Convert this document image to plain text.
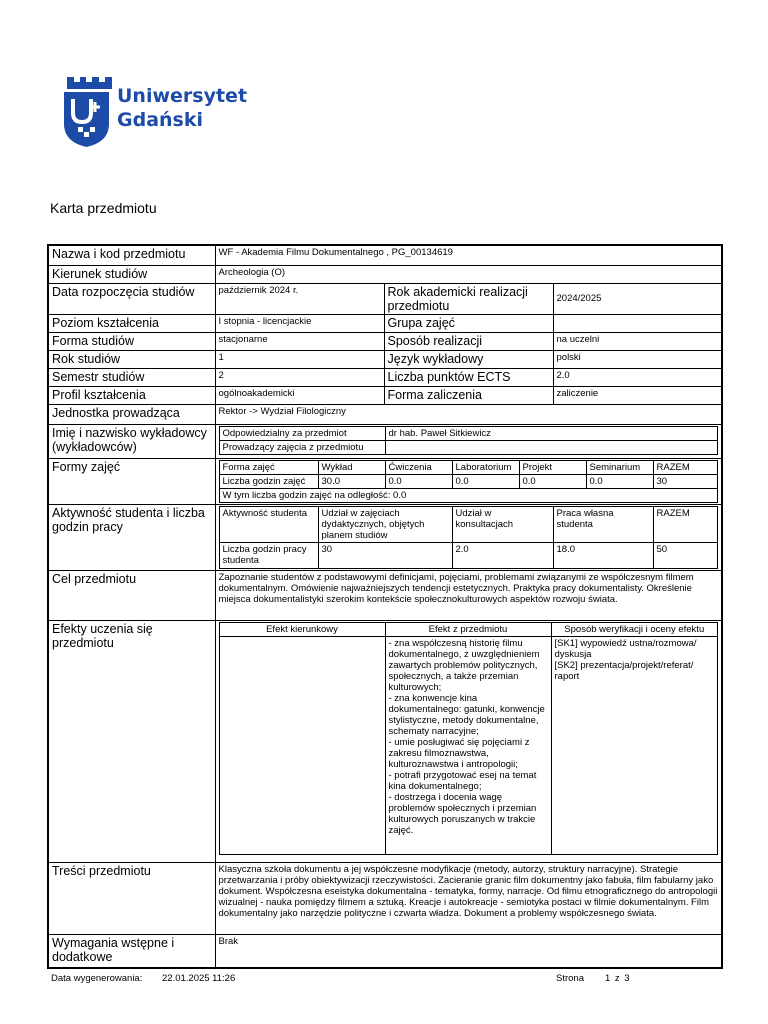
Uniwersytet
Gdański
Karta przedmiotu
Nazwa i kod przedmiotu	WF - Akademia Filmu Dokumentalnego , PG_00134619
Kierunek studiów	Archeologia (O)
Data rozpoczęcia studiów	październik 2024 r.	Rok akademicki realizacji przedmiotu	2024/2025
Poziom kształcenia	I stopnia - licencjackie	Grupa zajęć	
Forma studiów	stacjonarne	Sposób realizacji	na uczelni
Rok studiów	1	Język wykładowy	polski
Semestr studiów	2	Liczba punktów ECTS	2.0
Profil kształcenia	ogólnoakademicki	Forma zaliczenia	zaliczenie
Jednostka prowadząca	Rektor -> Wydział Filologiczny
Imię i nazwisko wykładowcy (wykładowców)	
Odpowiedzialny za przedmiot	dr hab. Paweł Sitkiewicz
Prowadzący zajęcia z przedmiotu	

Formy zajęć		Forma zajęć	Wykład	Ćwiczenia	Laboratorium	Projekt	Seminarium	RAZEM
Liczba godzin zajęć	30.0	0.0	0.0	0.0	0.0	30
W tym liczba godzin zajęć na odległość: 0.0

Aktywność studenta i liczba godzin pracy	
Aktywność studenta	Udział w zajęciach dydaktycznych, objętych planem studiów	Udział w konsultacjach	Praca własna studenta	RAZEM
Liczba godzin pracy studenta	30	2.0	18.0	50

Cel przedmiotu	Zapoznanie studentów z podstawowymi definicjami, pojęciami, problemami związanymi ze współczesnym filmem dokumentalnym. Omówienie najważniejszych tendencji estetycznych. Praktyka pracy dokumentalisty. Określenie miejsca dokumentalistyki szerokim kontekście społecznokulturowych aspektów rozwoju świata.
Efekty uczenia się przedmiotu	
Efekt kierunkowy	Efekt z przedmiotu	Sposób weryfikacji i oceny efektu
	- zna współczesną historię filmu dokumentalnego, z uwzględnieniem zawartych problemów politycznych, społecznych, a także przemian kulturowych;
- zna konwencje kina dokumentalnego: gatunki, konwencje stylistyczne, metody dokumentalne, schematy narracyjne;
- umie posługiwać się pojęciami z zakresu filmoznawstwa, kulturoznawstwa i antropologii;
- potrafi przygotować esej na temat kina dokumentalnego;
- dostrzega i docenia wagę problemów społecznych i przemian kulturowych poruszanych w trakcie zajęć.	[SK1] wypowiedź ustna/rozmowa/ dyskusja
[SK2] prezentacja/projekt/referat/ raport

Treści przedmiotu	Klasyczna szkoła dokumentu a jej współczesne modyfikacje (metody, autorzy, struktury narracyjne). Strategie przetwarzania i próby obiektywizacji rzeczywistości. Zacieranie granic film dokumentny jako fabuła, film fabularny jako dokument. Współczesna eseistyka dokumentalna - tematyka, formy, narracje. Od filmu etnograficznego do antropologii wizualnej - nauka pomiędzy filmem a sztuką. Kreacje i autokreacje - semiotyka postaci w filmie dokumentalnym. Film dokumentalny jako narzędzie polityczne i czwarta władza. Dokument a problemy współczesnego świata.
Wymagania wstępne i dodatkowe	Brak
Data wygenerowania: 22.01.2025 11:26	Strona 1 z 3
